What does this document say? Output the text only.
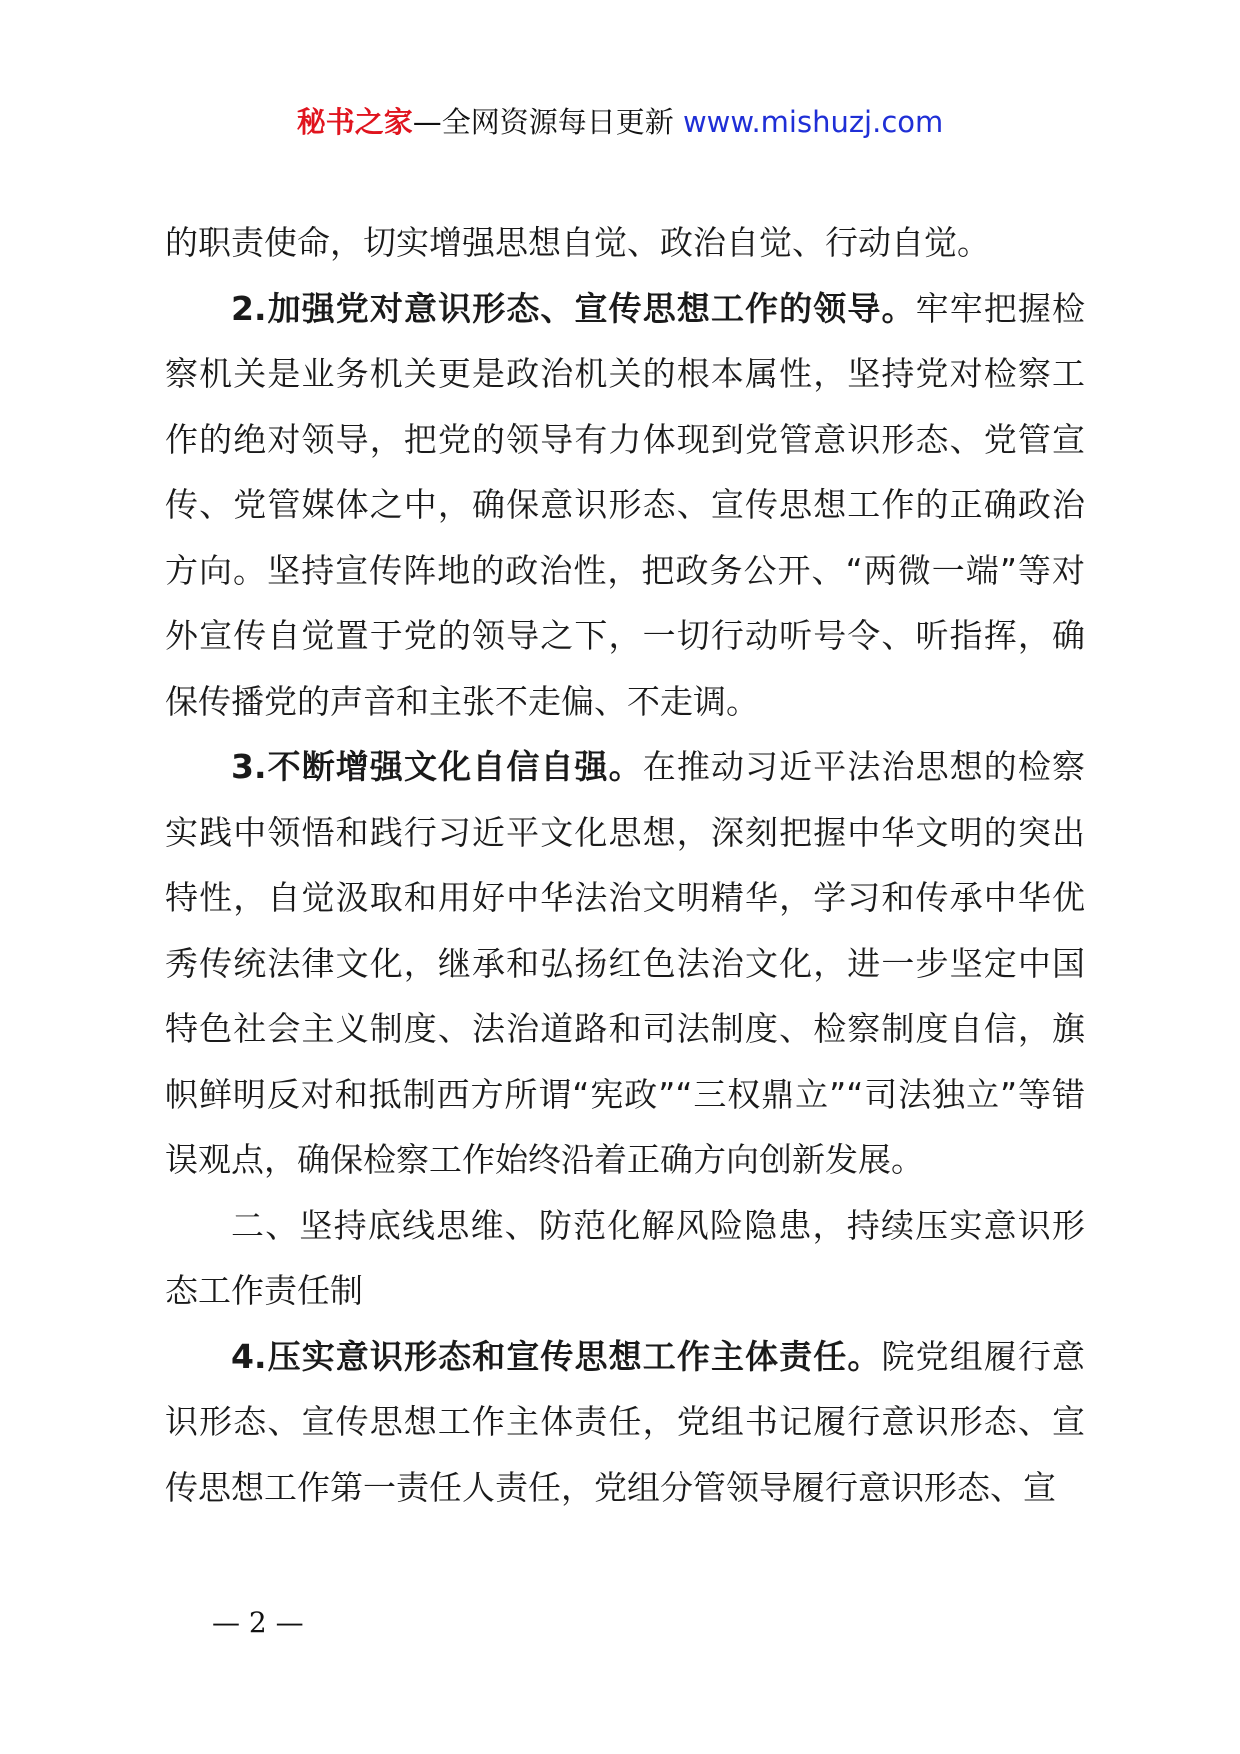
秘书之家—全网资源每日更新 www.mishuzj.com

的职责使命，切实增强思想自觉、政治自觉、行动自觉。

2.加强党对意识形态、宣传思想工作的领导。牢牢把握检察机关是业务机关更是政治机关的根本属性，坚持党对检察工作的绝对领导，把党的领导有力体现到党管意识形态、党管宣传、党管媒体之中，确保意识形态、宣传思想工作的正确政治方向。坚持宣传阵地的政治性，把政务公开、“两微一端”等对外宣传自觉置于党的领导之下，一切行动听号令、听指挥，确保传播党的声音和主张不走偏、不走调。

3.不断增强文化自信自强。在推动习近平法治思想的检察实践中领悟和践行习近平文化思想，深刻把握中华文明的突出特性，自觉汲取和用好中华法治文明精华，学习和传承中华优秀传统法律文化，继承和弘扬红色法治文化，进一步坚定中国特色社会主义制度、法治道路和司法制度、检察制度自信，旗帜鲜明反对和抵制西方所谓“宪政”“三权鼎立”“司法独立”等错误观点，确保检察工作始终沿着正确方向创新发展。

二、坚持底线思维、防范化解风险隐患，持续压实意识形态工作责任制

4.压实意识形态和宣传思想工作主体责任。院党组履行意识形态、宣传思想工作主体责任，党组书记履行意识形态、宣传思想工作第一责任人责任，党组分管领导履行意识形态、宣

— 2 —
